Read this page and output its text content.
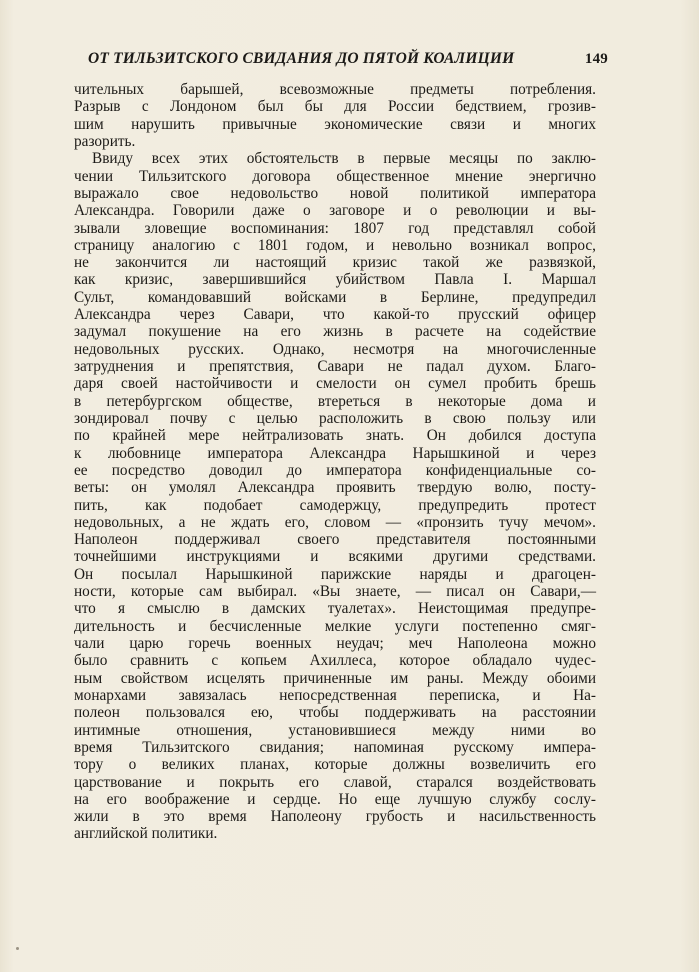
ОТ ТИЛЬЗИТСКОГО СВИДАНИЯ ДО ПЯТОЙ КОАЛИЦИИ	149
чительных барышей, всевозможные предметы потребления.
Разрыв с Лондоном был бы для России бедствием, грозив-
шим нарушить привычные экономические связи и многих
разорить.
Ввиду всех этих обстоятельств в первые месяцы по заклю-
чении Тильзитского договора общественное мнение энергично
выражало свое недовольство новой политикой императора
Александра. Говорили даже о заговоре и о революции и вы-
зывали зловещие воспоминания: 1807 год представлял собой
страницу аналогию с 1801 годом, и невольно возникал вопрос,
не закончится ли настоящий кризис такой же развязкой,
как кризис, завершившийся убийством Павла I. Маршал
Сульт, командовавший войсками в Берлине, предупредил
Александра через Савари, что какой-то прусский офицер
задумал покушение на его жизнь в расчете на содействие
недовольных русских. Однако, несмотря на многочисленные
затруднения и препятствия, Савари не падал духом. Благо-
даря своей настойчивости и смелости он сумел пробить брешь
в петербургском обществе, втереться в некоторые дома и
зондировал почву с целью расположить в свою пользу или
по крайней мере нейтрализовать знать. Он добился доступа
к любовнице императора Александра Нарышкиной и через
ее посредство доводил до императора конфиденциальные со-
веты: он умолял Александра проявить твердую волю, посту-
пить, как подобает самодержцу, предупредить протест
недовольных, а не ждать его, словом — «пронзить тучу мечом».
Наполеон поддерживал своего представителя постоянными
точнейшими инструкциями и всякими другими средствами.
Он посылал Нарышкиной парижские наряды и драгоцен-
ности, которые сам выбирал. «Вы знаете, — писал он Савари,—
что я смыслю в дамских туалетах». Неистощимая предупре-
дительность и бесчисленные мелкие услуги постепенно смяг-
чали царю горечь военных неудач; меч Наполеона можно
было сравнить с копьем Ахиллеса, которое обладало чудес-
ным свойством исцелять причиненные им раны. Между обоими
монархами завязалась непосредственная переписка, и На-
полеон пользовался ею, чтобы поддерживать на расстоянии
интимные отношения, установившиеся между ними во
время Тильзитского свидания; напоминая русскому импера-
тору о великих планах, которые должны возвеличить его
царствование и покрыть его славой, старался воздействовать
на его воображение и сердце. Но еще лучшую службу сослу-
жили в это время Наполеону грубость и насильственность
английской политики.
